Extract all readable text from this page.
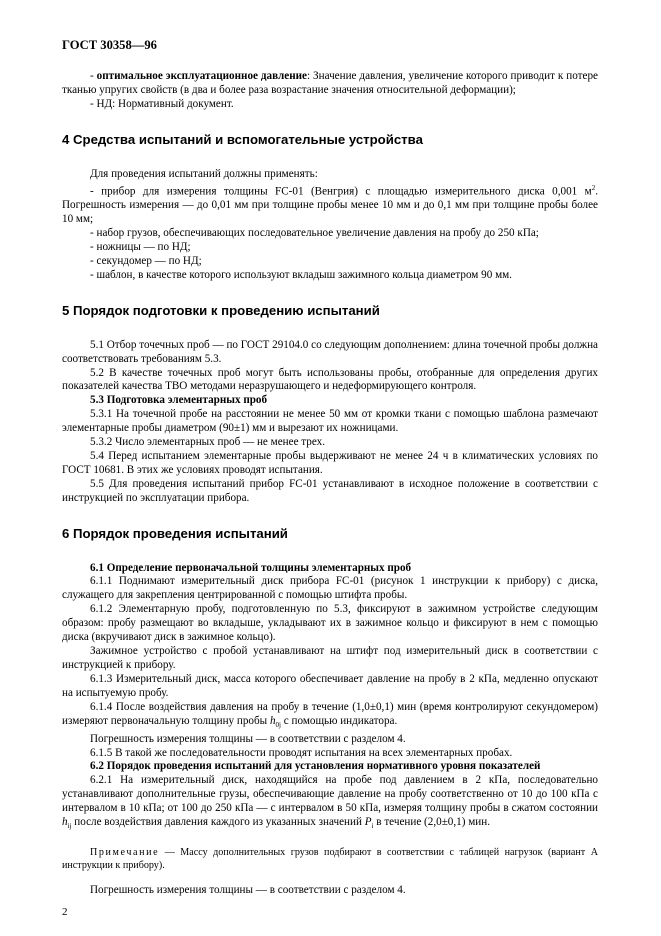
ГОСТ 30358—96

- оптимальное эксплуатационное давление: Значение давления, увеличение которого приводит к потере тканью упругих свойств (в два и более раза возрастание значения относительной деформации);

- НД: Нормативный документ.

4 Средства испытаний и вспомогательные устройства

Для проведения испытаний должны применять:

- прибор для измерения толщины FC-01 (Венгрия) с площадью измерительного диска 0,001 $м^2$. Погрешность измерения — до 0,01 мм при толщине пробы менее 10 мм и до 0,1 мм при толщине пробы более 10 мм;

- набор грузов, обеспечивающих последовательное увеличение давления на пробу до 250 кПа;

- ножницы — по НД;

- секундомер — по НД;

- шаблон, в качестве которого используют вкладыш зажимного кольца диаметром 90 мм.

5 Порядок подготовки к проведению испытаний

5.1 Отбор точечных проб — по ГОСТ 29104.0 со следующим дополнением: длина точечной пробы должна соответствовать требованиям 5.3.

5.2 В качестве точечных проб могут быть использованы пробы, отобранные для определения других показателей качества ТВО методами неразрушающего и недеформирующего контроля.

5.3 Подготовка элементарных проб

5.3.1 На точечной пробе на расстоянии не менее 50 мм от кромки ткани с помощью шаблона размечают элементарные пробы диаметром (90±1) мм и вырезают их ножницами.

5.3.2 Число элементарных проб — не менее трех.

5.4 Перед испытанием элементарные пробы выдерживают не менее 24 ч в климатических условиях по ГОСТ 10681. В этих же условиях проводят испытания.

5.5 Для проведения испытаний прибор FC-01 устанавливают в исходное положение в соответствии с инструкцией по эксплуатации прибора.

6 Порядок проведения испытаний

6.1 Определение первоначальной толщины элементарных проб

6.1.1 Поднимают измерительный диск прибора FC-01 (рисунок 1 инструкции к прибору) с диска, служащего для закрепления центрированной с помощью штифта пробы.

6.1.2 Элементарную пробу, подготовленную по 5.3, фиксируют в зажимном устройстве следующим образом: пробу размещают во вкладыше, укладывают их в зажимное кольцо и фиксируют в нем с помощью диска (вкручивают диск в зажимное кольцо).

Зажимное устройство с пробой устанавливают на штифт под измерительный диск в соответствии с инструкцией к прибору.

6.1.3 Измерительный диск, масса которого обеспечивает давление на пробу в 2 кПа, медленно опускают на испытуемую пробу.

6.1.4 После воздействия давления на пробу в течение (1,0±0,1) мин (время контролируют секундомером) измеряют первоначальную толщину пробы $h_{0j}$ с помощью индикатора.

Погрешность измерения толщины — в соответствии с разделом 4.

6.1.5 В такой же последовательности проводят испытания на всех элементарных пробах.

6.2 Порядок проведения испытаний для установления нормативного уровня показателей

6.2.1 На измерительный диск, находящийся на пробе под давлением в 2 кПа, последовательно устанавливают дополнительные грузы, обеспечивающие давление на пробу соответственно от 10 до 100 кПа с интервалом в 10 кПа; от 100 до 250 кПа — с интервалом в 50 кПа, измеряя толщину пробы в сжатом состоянии $h_{ij}$ после воздействия давления каждого из указанных значений $P_i$ в течение (2,0±0,1) мин.

Примечание — Массу дополнительных грузов подбирают в соответствии с таблицей нагрузок (вариант А инструкции к прибору).

Погрешность измерения толщины — в соответствии с разделом 4.

2
